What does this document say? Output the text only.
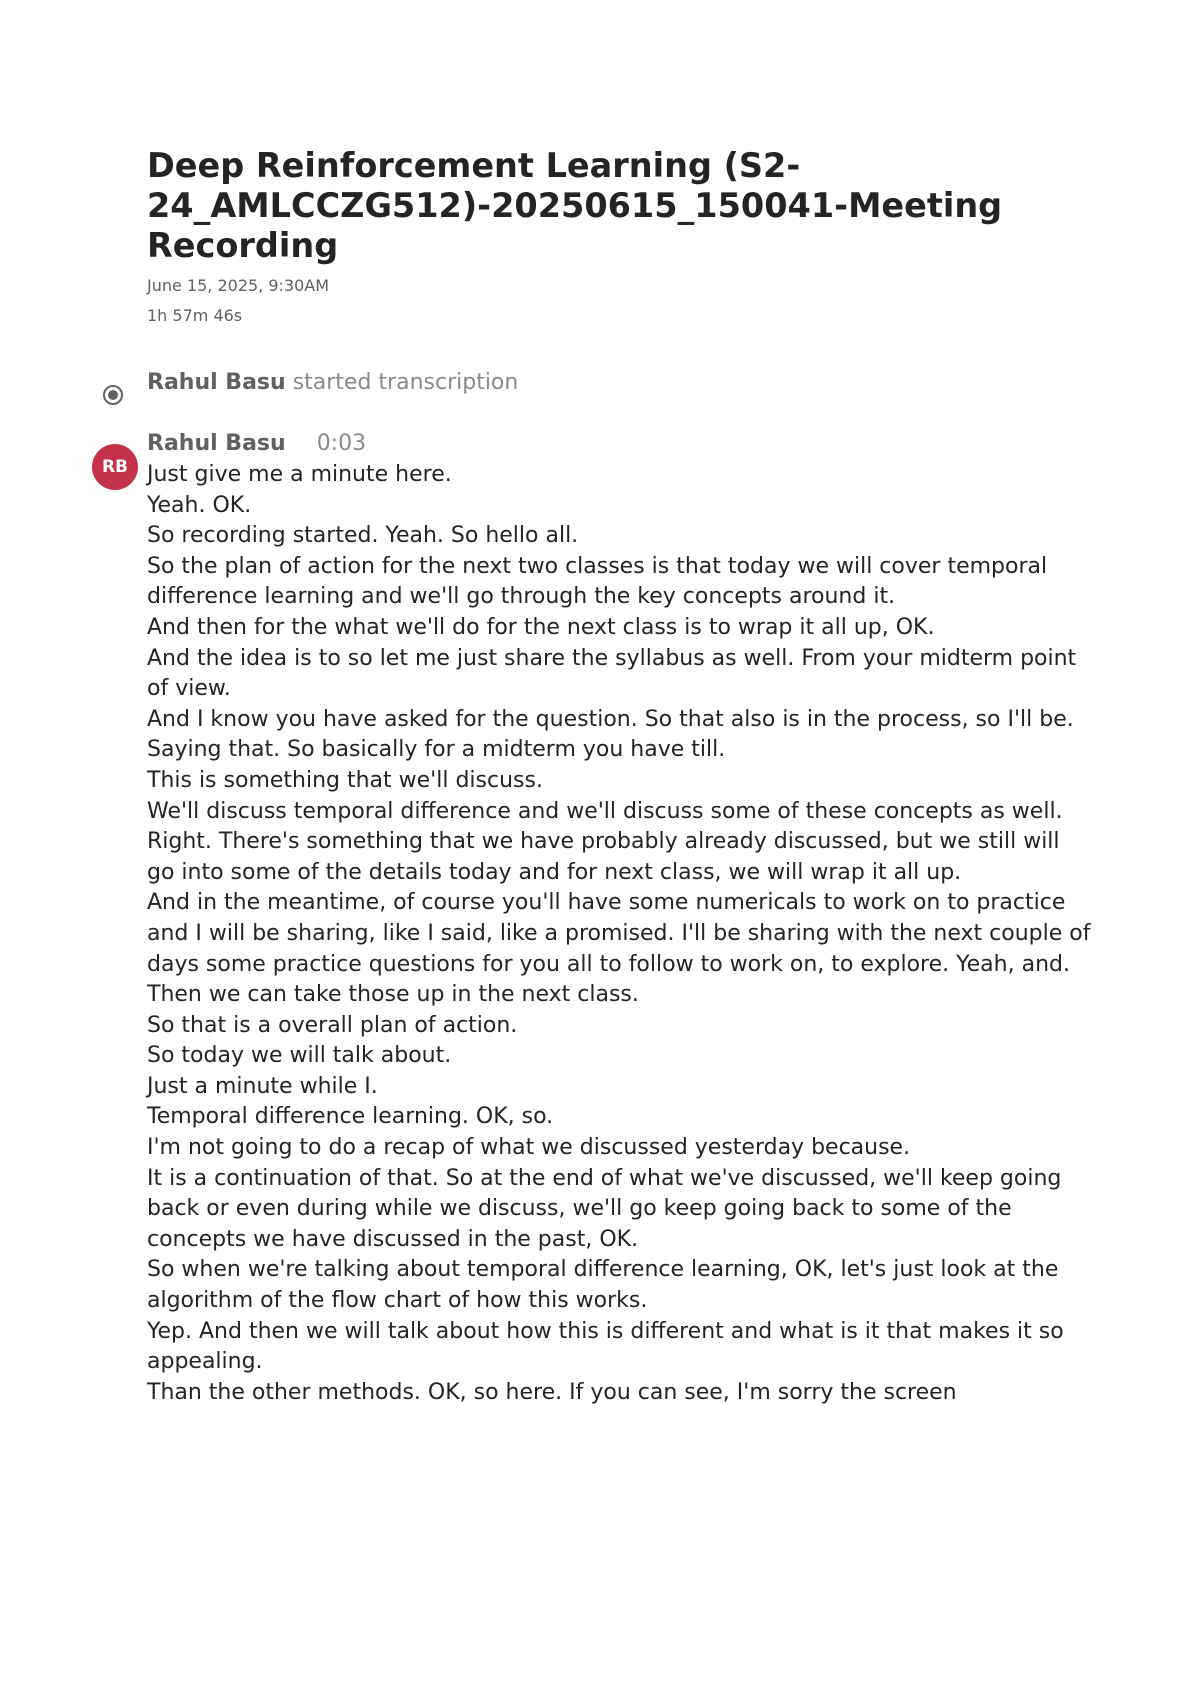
Deep Reinforcement Learning (S2-24_AMLCCZG512)-20250615_150041-Meeting Recording
June 15, 2025, 9:30AM
1h 57m 46s
Rahul Basu started transcription
RB
Rahul Basu 0:03
Just give me a minute here.
Yeah. OK.
So recording started. Yeah. So hello all.
So the plan of action for the next two classes is that today we will cover temporal difference learning and we'll go through the key concepts around it.
And then for the what we'll do for the next class is to wrap it all up, OK.
And the idea is to so let me just share the syllabus as well. From your midterm point of view.
And I know you have asked for the question. So that also is in the process, so I'll be.
Saying that. So basically for a midterm you have till.
This is something that we'll discuss.
We'll discuss temporal difference and we'll discuss some of these concepts as well.
Right. There's something that we have probably already discussed, but we still will go into some of the details today and for next class, we will wrap it all up.
And in the meantime, of course you'll have some numericals to work on to practice and I will be sharing, like I said, like a promised. I'll be sharing with the next couple of days some practice questions for you all to follow to work on, to explore. Yeah, and.
Then we can take those up in the next class.
So that is a overall plan of action.
So today we will talk about.
Just a minute while I.
Temporal difference learning. OK, so.
I'm not going to do a recap of what we discussed yesterday because.
It is a continuation of that. So at the end of what we've discussed, we'll keep going back or even during while we discuss, we'll go keep going back to some of the concepts we have discussed in the past, OK.
So when we're talking about temporal difference learning, OK, let's just look at the algorithm of the flow chart of how this works.
Yep. And then we will talk about how this is different and what is it that makes it so appealing.
Than the other methods. OK, so here. If you can see, I'm sorry the screen
